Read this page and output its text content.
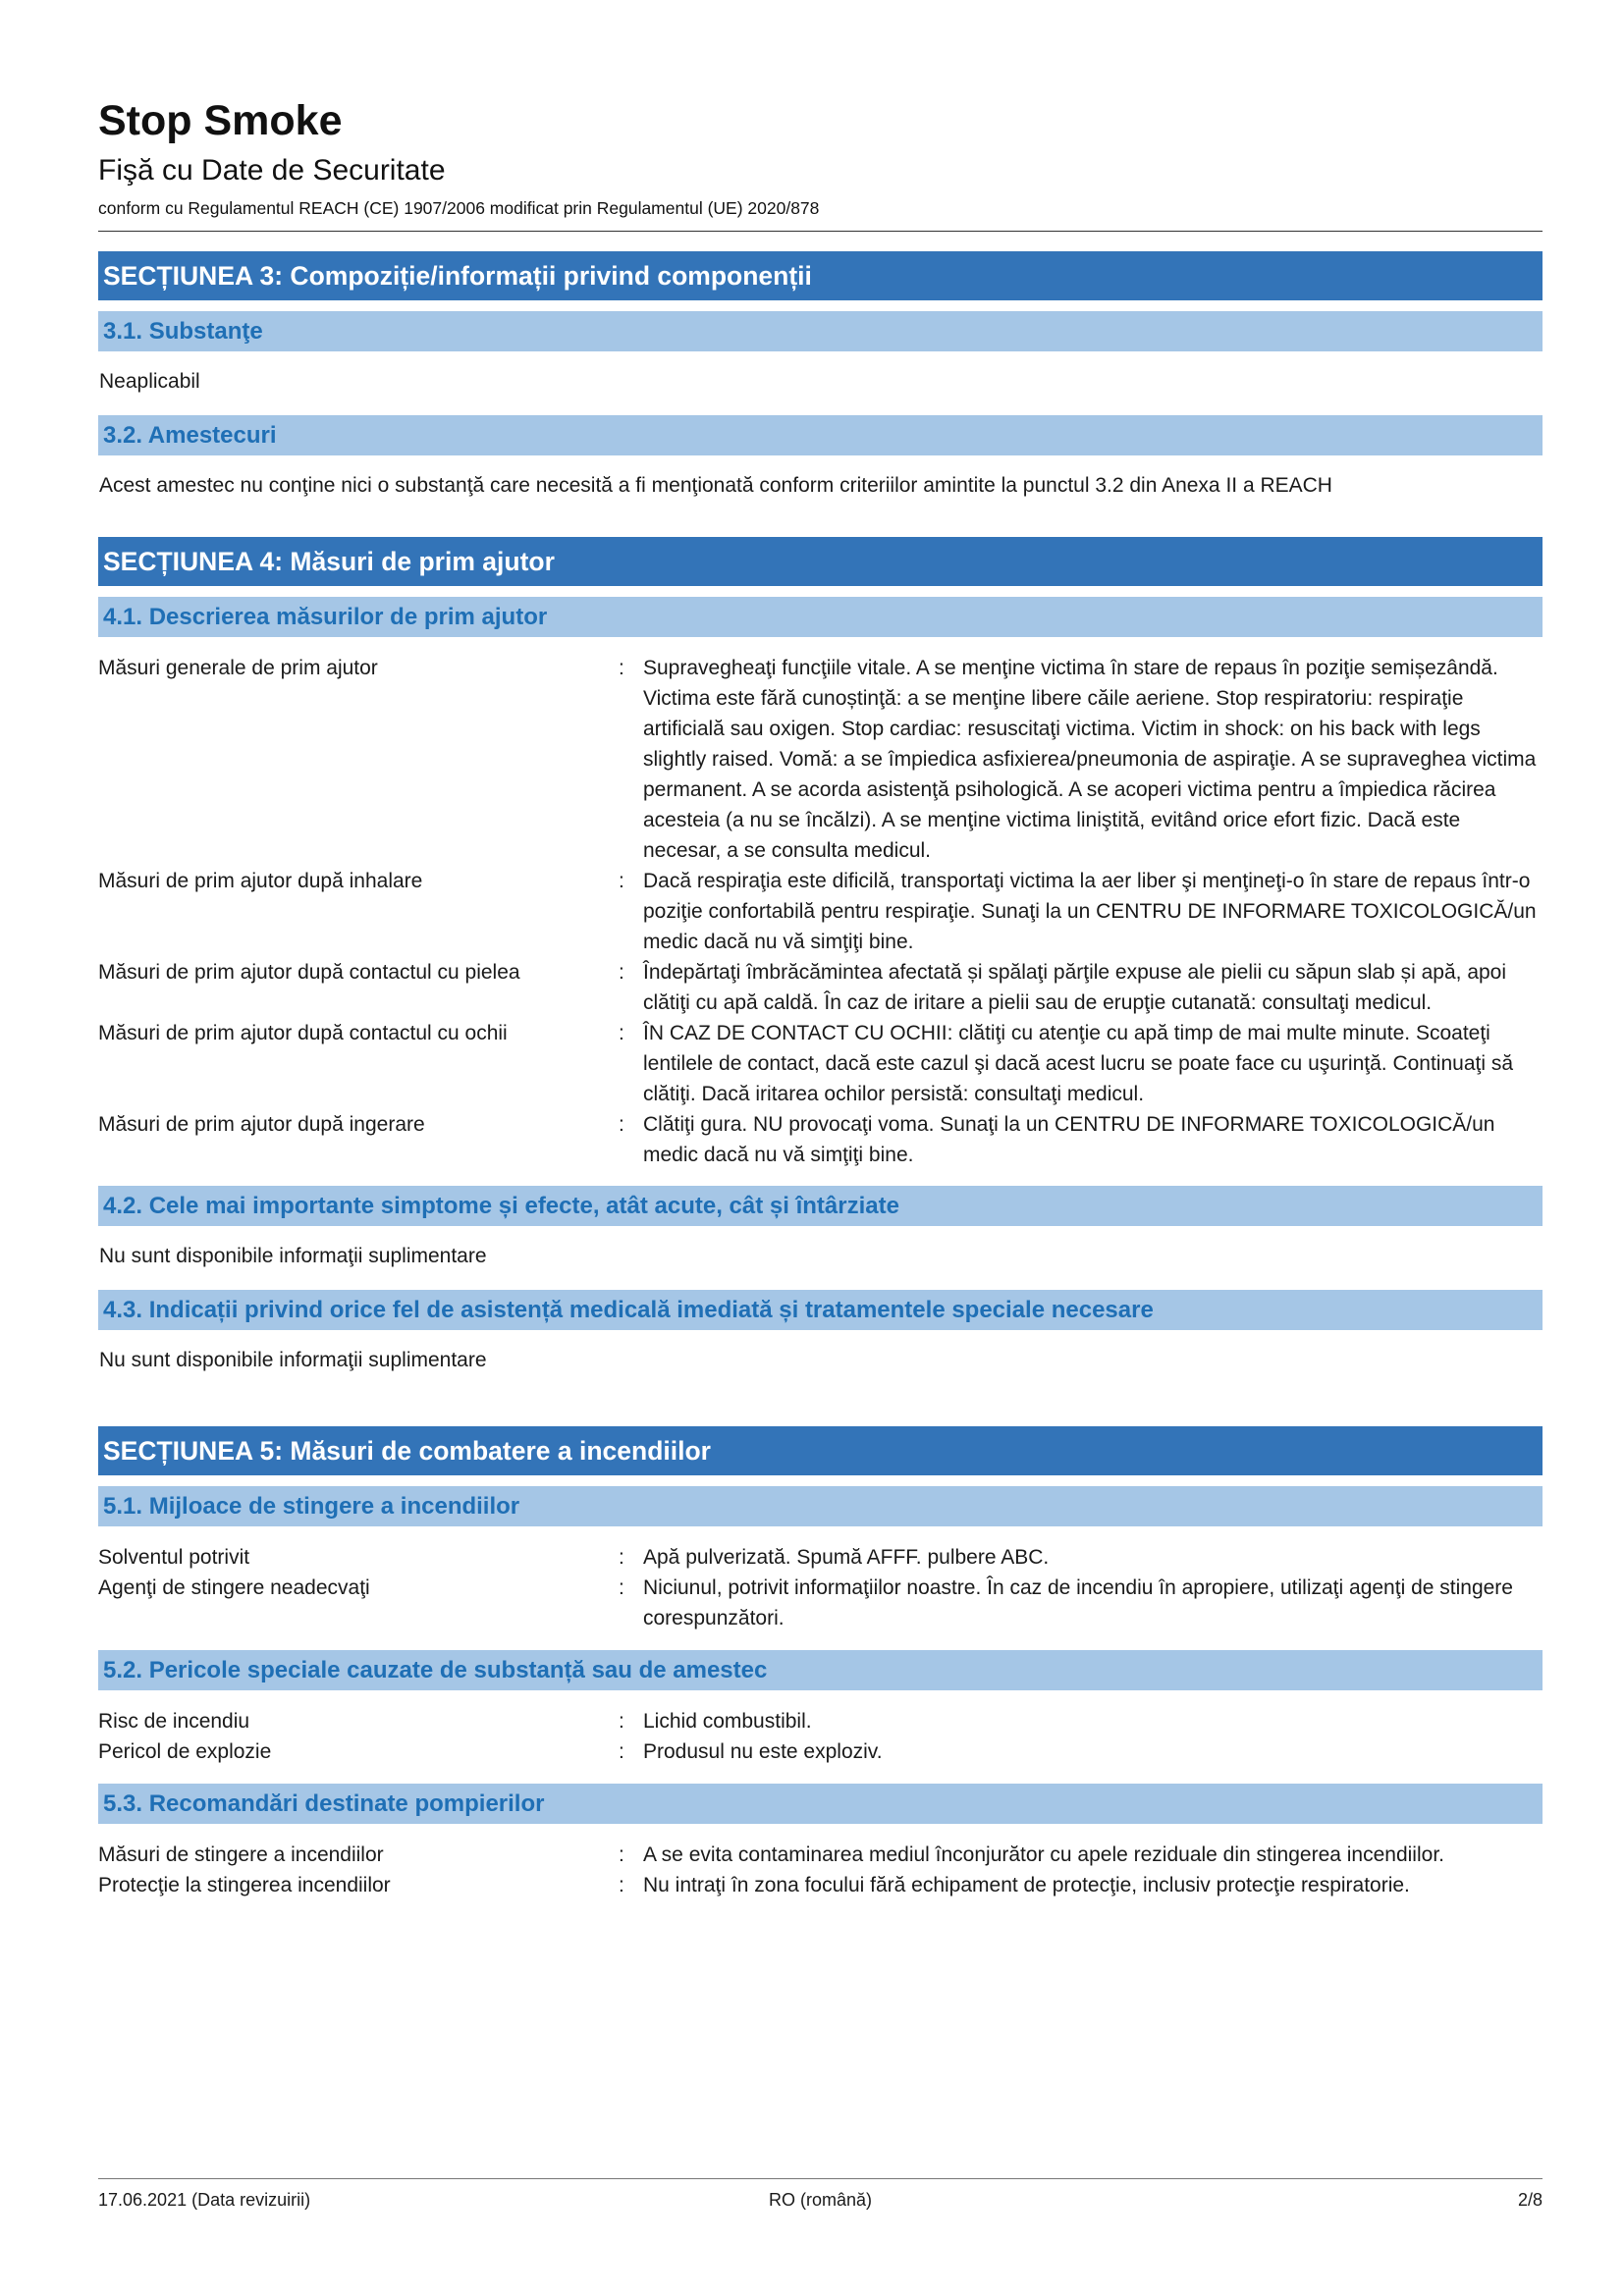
Stop Smoke
Fişă cu Date de Securitate
conform cu Regulamentul REACH (CE) 1907/2006 modificat prin Regulamentul (UE) 2020/878
SECȚIUNEA 3: Compoziție/informații privind componenții
3.1. Substanţe

Neaplicabil

3.2. Amestecuri

Acest amestec nu conţine nici o substanţă care necesită a fi menţionată conform criteriilor amintite la punctul 3.2 din Anexa II a REACH

SECȚIUNEA 4: Măsuri de prim ajutor
4.1. Descrierea măsurilor de prim ajutor
Măsuri generale de prim ajutor	: Supravegheaţi funcţiile vitale. A se menţine victima în stare de repaus în poziţie semișezândă. Victima este fără cunoștinţă: a se menţine libere căile aeriene. Stop respiratoriu: respiraţie artificială sau oxigen. Stop cardiac: resuscitaţi victima. Victim in shock: on his back with legs slightly raised. Vomă: a se împiedica asfixierea/pneumonia de aspiraţie. A se supraveghea victima permanent. A se acorda asistenţă psihologică. A se acoperi victima pentru a împiedica răcirea acesteia (a nu se încălzi). A se menţine victima liniştită, evitând orice efort fizic. Dacă este necesar, a se consulta medicul.
Măsuri de prim ajutor după inhalare	: Dacă respiraţia este dificilă, transportaţi victima la aer liber şi menţineţi-o în stare de repaus într-o poziţie confortabilă pentru respiraţie. Sunaţi la un CENTRU DE INFORMARE TOXICOLOGICĂ/un medic dacă nu vă simţiţi bine.
Măsuri de prim ajutor după contactul cu pielea	: Îndepărtaţi îmbrăcămintea afectată și spălaţi părţile expuse ale pielii cu săpun slab și apă, apoi clătiţi cu apă caldă. În caz de iritare a pielii sau de erupţie cutanată: consultaţi medicul.
Măsuri de prim ajutor după contactul cu ochii	: ÎN CAZ DE CONTACT CU OCHII: clătiţi cu atenţie cu apă timp de mai multe minute. Scoateţi lentilele de contact, dacă este cazul şi dacă acest lucru se poate face cu uşurinţă. Continuaţi să clătiţi. Dacă iritarea ochilor persistă: consultaţi medicul.
Măsuri de prim ajutor după ingerare	: Clătiţi gura. NU provocaţi voma. Sunaţi la un CENTRU DE INFORMARE TOXICOLOGICĂ/un medic dacă nu vă simţiţi bine.
4.2. Cele mai importante simptome și efecte, atât acute, cât și întârziate

Nu sunt disponibile informaţii suplimentare

4.3. Indicații privind orice fel de asistență medicală imediată și tratamentele speciale necesare

Nu sunt disponibile informaţii suplimentare

SECȚIUNEA 5: Măsuri de combatere a incendiilor
5.1. Mijloace de stingere a incendiilor
Solventul potrivit	: Apă pulverizată. Spumă AFFF. pulbere ABC.
Agenţi de stingere neadecvaţi	: Niciunul, potrivit informaţiilor noastre. În caz de incendiu în apropiere, utilizaţi agenţi de stingere corespunzători.
5.2. Pericole speciale cauzate de substanță sau de amestec
Risc de incendiu	: Lichid combustibil.
Pericol de explozie	: Produsul nu este exploziv.
5.3. Recomandări destinate pompierilor
Măsuri de stingere a incendiilor	: A se evita contaminarea mediul înconjurător cu apele reziduale din stingerea incendiilor.
Protecţie la stingerea incendiilor	: Nu intraţi în zona focului fără echipament de protecţie, inclusiv protecţie respiratorie.
17.06.2021 (Data revizuirii)	RO (română)	2/8
